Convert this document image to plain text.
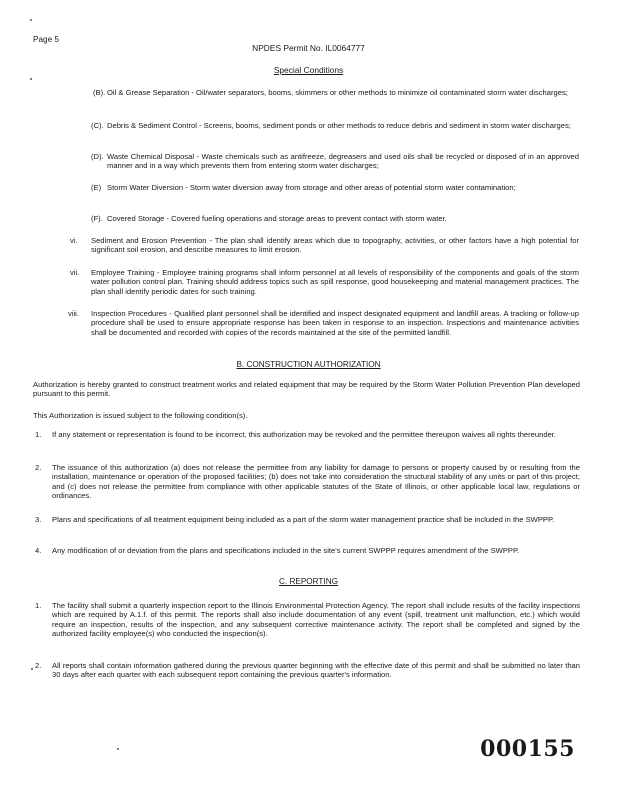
Page 5
NPDES Permit No. IL0064777
Special Conditions
(B). Oil & Grease Separation - Oil/water separators, booms, skimmers or other methods to minimize oil contaminated storm water discharges;
(C). Debris & Sediment Control - Screens, booms, sediment ponds or other methods to reduce debris and sediment in storm water discharges;
(D). Waste Chemical Disposal - Waste chemicals such as antifreeze, degreasers and used oils shall be recycled or disposed of in an approved manner and in a way which prevents them from entering storm water discharges;
(E) Storm Water Diversion - Storm water diversion away from storage and other areas of potential storm water contamination;
(F). Covered Storage - Covered fueling operations and storage areas to prevent contact with storm water.
vi. Sediment and Erosion Prevention - The plan shall identify areas which due to topography, activities, or other factors have a high potential for significant soil erosion, and describe measures to limit erosion.
vii. Employee Training - Employee training programs shall inform personnel at all levels of responsibility of the components and goals of the storm water pollution control plan. Training should address topics such as spill response, good housekeeping and material management practices. The plan shall identify periodic dates for such training.
viii. Inspection Procedures - Qualified plant personnel shall be identified and inspect designated equipment and landfill areas. A tracking or follow-up procedure shall be used to ensure appropriate response has been taken in response to an inspection. Inspections and maintenance activities shall be documented and recorded with copies of the records maintained at the site of the permitted landfill.
B. CONSTRUCTION AUTHORIZATION
Authorization is hereby granted to construct treatment works and related equipment that may be required by the Storm Water Pollution Prevention Plan developed pursuant to this permit.
This Authorization is issued subject to the following condition(s).
1. If any statement or representation is found to be incorrect, this authorization may be revoked and the permittee thereupon waives all rights thereunder.
2. The issuance of this authorization (a) does not release the permittee from any liability for damage to persons or property caused by or resulting from the installation, maintenance or operation of the proposed facilities; (b) does not take into consideration the structural stability of any units or part of this project; and (c) does not release the permittee from compliance with other applicable statutes of the State of Illinois, or other applicable local law, regulations or ordinances.
3. Plans and specifications of all treatment equipment being included as a part of the storm water management practice shall be included in the SWPPP.
4. Any modification of or deviation from the plans and specifications included in the site's current SWPPP requires amendment of the SWPPP.
C. REPORTING
1. The facility shall submit a quarterly inspection report to the Illinois Environmental Protection Agency. The report shall include results of the facility inspections which are required by A.1.f. of this permit. The reports shall also include documentation of any event (spill, treatment unit malfunction, etc.) which would require an inspection, results of the inspection, and any subsequent corrective maintenance activity. The report shall be completed and signed by the authorized facility employee(s) who conducted the inspection(s).
2. All reports shall contain information gathered during the previous quarter beginning with the effective date of this permit and shall be submitted no later than 30 days after each quarter with each subsequent report containing the previous quarter's information.
000155
